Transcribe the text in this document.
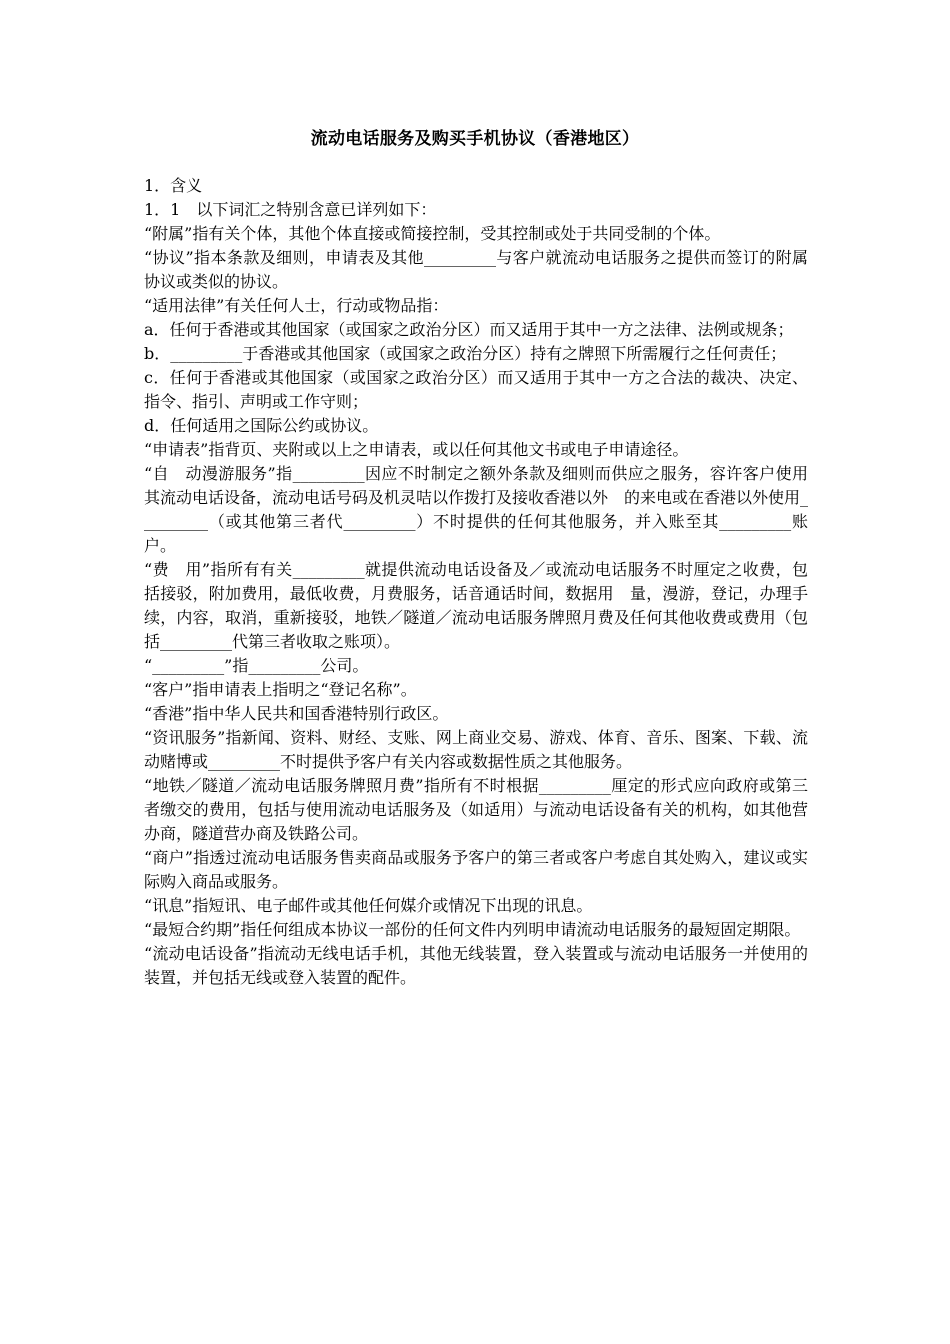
流动电话服务及购买手机协议（香港地区）

1．含义

1．1　以下词汇之特别含意已详列如下：

“附属”指有关个体，其他个体直接或简接控制，受其控制或处于共同受制的个体。

“协议”指本条款及细则，申请表及其他_________与客户就流动电话服务之提供而签订的附属协议或类似的协议。

“适用法律”有关任何人士，行动或物品指：

a．任何于香港或其他国家（或国家之政治分区）而又适用于其中一方之法律、法例或规条；

b．_________于香港或其他国家（或国家之政治分区）持有之牌照下所需履行之任何责任；

c．任何于香港或其他国家（或国家之政治分区）而又适用于其中一方之合法的裁决、决定、指令、指引、声明或工作守则；

d．任何适用之国际公约或协议。

“申请表”指背页、夹附或以上之申请表，或以任何其他文书或电子申请途径。

“自　动漫游服务”指_________因应不时制定之额外条款及细则而供应之服务，容许客户使用其流动电话设备，流动电话号码及机灵咭以作拨打及接收香港以外　的来电或在香港以外使用_________（或其他第三者代_________）不时提供的任何其他服务，并入账至其_________账户。

“费　用”指所有有关_________就提供流动电话设备及／或流动电话服务不时厘定之收费，包括接驳，附加费用，最低收费，月费服务，话音通话时间，数据用　量，漫游，登记，办理手续，内容，取消，重新接驳，地铁／隧道／流动电话服务牌照月费及任何其他收费或费用（包括_________代第三者收取之账项）。

“_________”指_________公司。

“客户”指申请表上指明之“登记名称”。

“香港”指中华人民共和国香港特别行政区。

“资讯服务”指新闻、资料、财经、支账、网上商业交易、游戏、体育、音乐、图案、下载、流动赌博或_________不时提供予客户有关内容或数据性质之其他服务。

“地铁／隧道／流动电话服务牌照月费”指所有不时根据_________厘定的形式应向政府或第三者缴交的费用，包括与使用流动电话服务及（如适用）与流动电话设备有关的机构，如其他营办商，隧道营办商及铁路公司。

“商户”指透过流动电话服务售卖商品或服务予客户的第三者或客户考虑自其处购入，建议或实际购入商品或服务。

“讯息”指短讯、电子邮件或其他任何媒介或情况下出现的讯息。

“最短合约期”指任何组成本协议一部份的任何文件内列明申请流动电话服务的最短固定期限。

“流动电话设备”指流动无线电话手机，其他无线装置，登入装置或与流动电话服务一并使用的装置，并包括无线或登入装置的配件。
